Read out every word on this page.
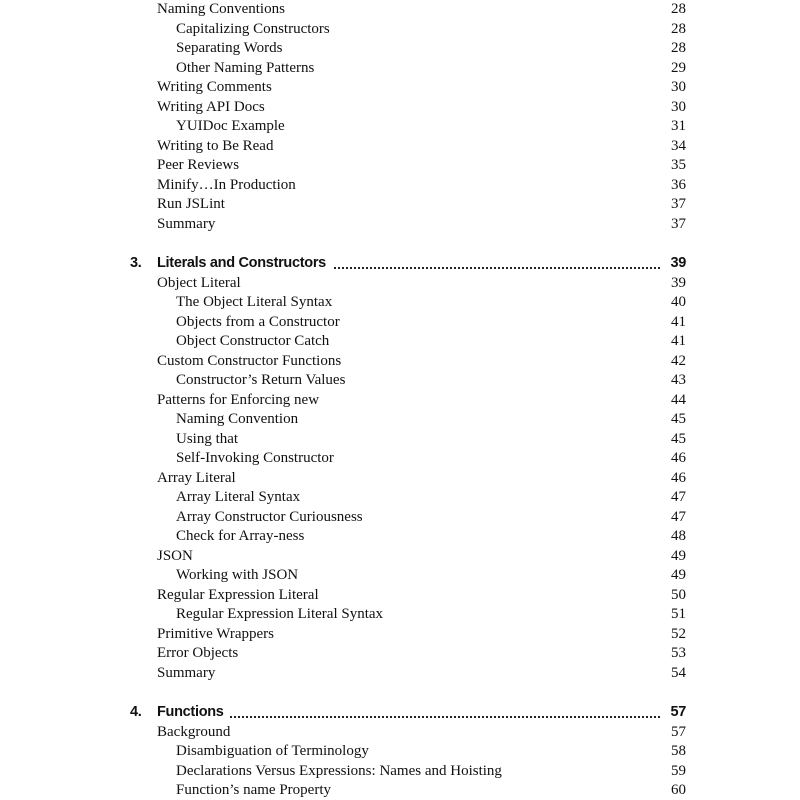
Naming Conventions	28
Capitalizing Constructors	28
Separating Words	28
Other Naming Patterns	29
Writing Comments	30
Writing API Docs	30
YUIDoc Example	31
Writing to Be Read	34
Peer Reviews	35
Minify…In Production	36
Run JSLint	37
Summary	37
3. Literals and Constructors	39
Object Literal	39
The Object Literal Syntax	40
Objects from a Constructor	41
Object Constructor Catch	41
Custom Constructor Functions	42
Constructor’s Return Values	43
Patterns for Enforcing new	44
Naming Convention	45
Using that	45
Self-Invoking Constructor	46
Array Literal	46
Array Literal Syntax	47
Array Constructor Curiousness	47
Check for Array-ness	48
JSON	49
Working with JSON	49
Regular Expression Literal	50
Regular Expression Literal Syntax	51
Primitive Wrappers	52
Error Objects	53
Summary	54
4. Functions	57
Background	57
Disambiguation of Terminology	58
Declarations Versus Expressions: Names and Hoisting	59
Function’s name Property	60
